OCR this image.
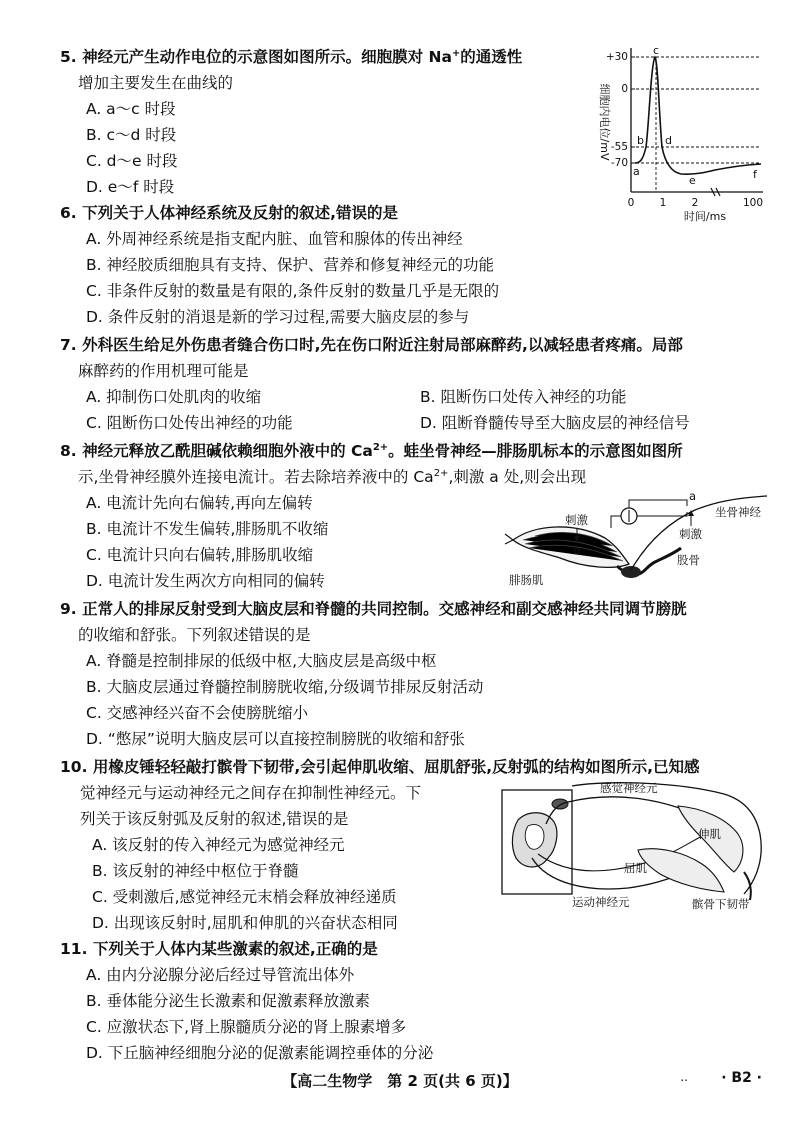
5. 神经元产生动作电位的示意图如图所示。细胞膜对 Na+的通透性
增加主要发生在曲线的
A. a～c 时段
B. c～d 时段
C. d～e 时段
D. e～f 时段
细胞内电位/mV
+30
0
-55
-70
a
b
c
d
e	f
0 1 2	100
时间/ms
6. 下列关于人体神经系统及反射的叙述,错误的是
A. 外周神经系统是指支配内脏、血管和腺体的传出神经
B. 神经胶质细胞具有支持、保护、营养和修复神经元的功能
C. 非条件反射的数量是有限的,条件反射的数量几乎是无限的
D. 条件反射的消退是新的学习过程,需要大脑皮层的参与
7. 外科医生给足外伤患者缝合伤口时,先在伤口附近注射局部麻醉药,以减轻患者疼痛。局部
麻醉药的作用机理可能是
A. 抑制伤口处肌肉的收缩	B. 阻断伤口处传入神经的功能
C. 阻断伤口处传出神经的功能	D. 阻断脊髓传导至大脑皮层的神经信号
8. 神经元释放乙酰胆碱依赖细胞外液中的 $Ca^{2+}$。蛙坐骨神经—腓肠肌标本的示意图如图所
示,坐骨神经膜外连接电流计。若去除培养液中的 $Ca^{2+}$,刺激 a 处,则会出现
A. 电流计先向右偏转,再向左偏转
B. 电流计不发生偏转,腓肠肌不收缩
C. 电流计只向右偏转,腓肠肌收缩
D. 电流计发生两次方向相同的偏转
刺激
b
a
刺激
坐骨神经
股骨
腓肠肌
9. 正常人的排尿反射受到大脑皮层和脊髓的共同控制。交感神经和副交感神经共同调节膀胱
的收缩和舒张。下列叙述错误的是
A. 脊髓是控制排尿的低级中枢,大脑皮层是高级中枢
B. 大脑皮层通过脊髓控制膀胱收缩,分级调节排尿反射活动
C. 交感神经兴奋不会使膀胱缩小
D. “憋尿”说明大脑皮层可以直接控制膀胱的收缩和舒张
10. 用橡皮锤轻轻敲打髌骨下韧带,会引起伸肌收缩、屈肌舒张,反射弧的结构如图所示,已知感
觉神经元与运动神经元之间存在抑制性神经元。下
列关于该反射弧及反射的叙述,错误的是
A. 该反射的传入神经元为感觉神经元
B. 该反射的神经中枢位于脊髓
C. 受刺激后,感觉神经元末梢会释放神经递质
D. 出现该反射时,屈肌和伸肌的兴奋状态相同
感觉神经元
伸肌
屈肌
髌骨下韧带
运动神经元
11. 下列关于人体内某些激素的叙述,正确的是
A. 由内分泌腺分泌后经过导管流出体外
B. 垂体能分泌生长激素和促激素释放激素
C. 应激状态下,肾上腺髓质分泌的肾上腺素增多
D. 下丘脑神经细胞分泌的促激素能调控垂体的分泌
【高二生物学　第 2 页(共 6 页)】	.. · B2 ·
